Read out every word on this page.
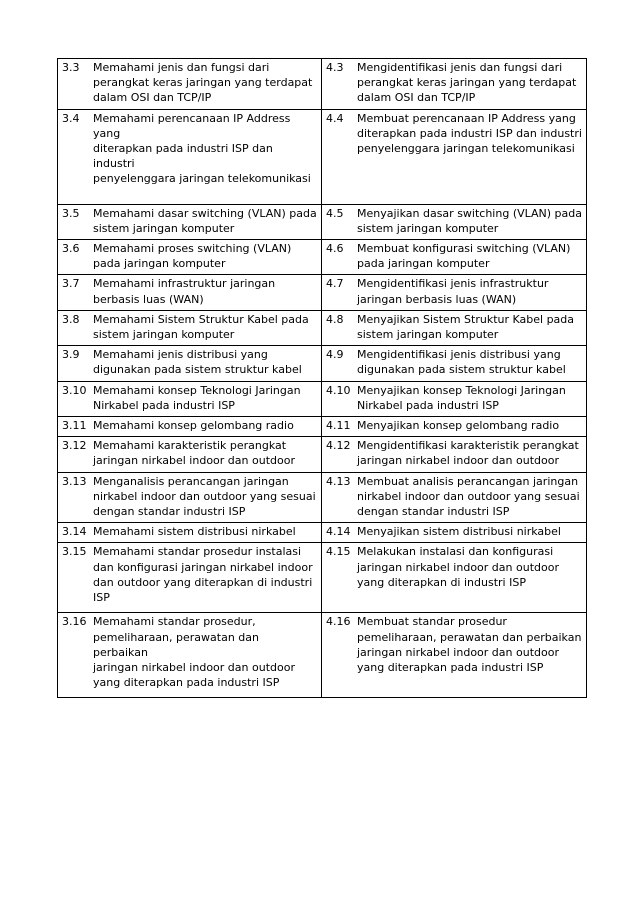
3.3 Memahami jenis dan fungsi dari
perangkat keras jaringan yang terdapat
dalam OSI dan TCP/IP	4.3 Mengidentifikasi jenis dan fungsi dari
perangkat keras jaringan yang terdapat
dalam OSI dan TCP/IP

3.4 Memahami perencanaan IP Address yang
diterapkan pada industri ISP dan industri
penyelenggara jaringan telekomunikasi	4.4 Membuat perencanaan IP Address yang
diterapkan pada industri ISP dan industri
penyelenggara jaringan telekomunikasi

3.5 Memahami dasar switching (VLAN) pada
sistem jaringan komputer	4.5 Menyajikan dasar switching (VLAN) pada
sistem jaringan komputer

3.6 Memahami proses switching (VLAN)
pada jaringan komputer	4.6 Membuat konfigurasi switching (VLAN)
pada jaringan komputer

3.7 Memahami infrastruktur jaringan
berbasis luas (WAN)	4.7 Mengidentifikasi jenis infrastruktur
jaringan berbasis luas (WAN)

3.8 Memahami Sistem Struktur Kabel pada
sistem jaringan komputer	4.8 Menyajikan Sistem Struktur Kabel pada
sistem jaringan komputer

3.9 Memahami jenis distribusi yang
digunakan pada sistem struktur kabel	4.9 Mengidentifikasi jenis distribusi yang
digunakan pada sistem struktur kabel

3.10 Memahami konsep Teknologi Jaringan
Nirkabel pada industri ISP	4.10 Menyajikan konsep Teknologi Jaringan
Nirkabel pada industri ISP

3.11 Memahami konsep gelombang radio	4.11 Menyajikan konsep gelombang radio

3.12 Memahami karakteristik perangkat
jaringan nirkabel indoor dan outdoor	4.12 Mengidentifikasi karakteristik perangkat
jaringan nirkabel indoor dan outdoor

3.13 Menganalisis perancangan jaringan
nirkabel indoor dan outdoor yang sesuai
dengan standar industri ISP	4.13 Membuat analisis perancangan jaringan
nirkabel indoor dan outdoor yang sesuai
dengan standar industri ISP

3.14 Memahami sistem distribusi nirkabel	4.14 Menyajikan sistem distribusi nirkabel

3.15 Memahami standar prosedur instalasi
dan konfigurasi jaringan nirkabel indoor
dan outdoor yang diterapkan di industri
ISP	4.15 Melakukan instalasi dan konfigurasi
jaringan nirkabel indoor dan outdoor
yang diterapkan di industri ISP

3.16 Memahami standar prosedur,
pemeliharaan, perawatan dan perbaikan
jaringan nirkabel indoor dan outdoor
yang diterapkan pada industri ISP	4.16 Membuat standar prosedur
pemeliharaan, perawatan dan perbaikan
jaringan nirkabel indoor dan outdoor
yang diterapkan pada industri ISP
